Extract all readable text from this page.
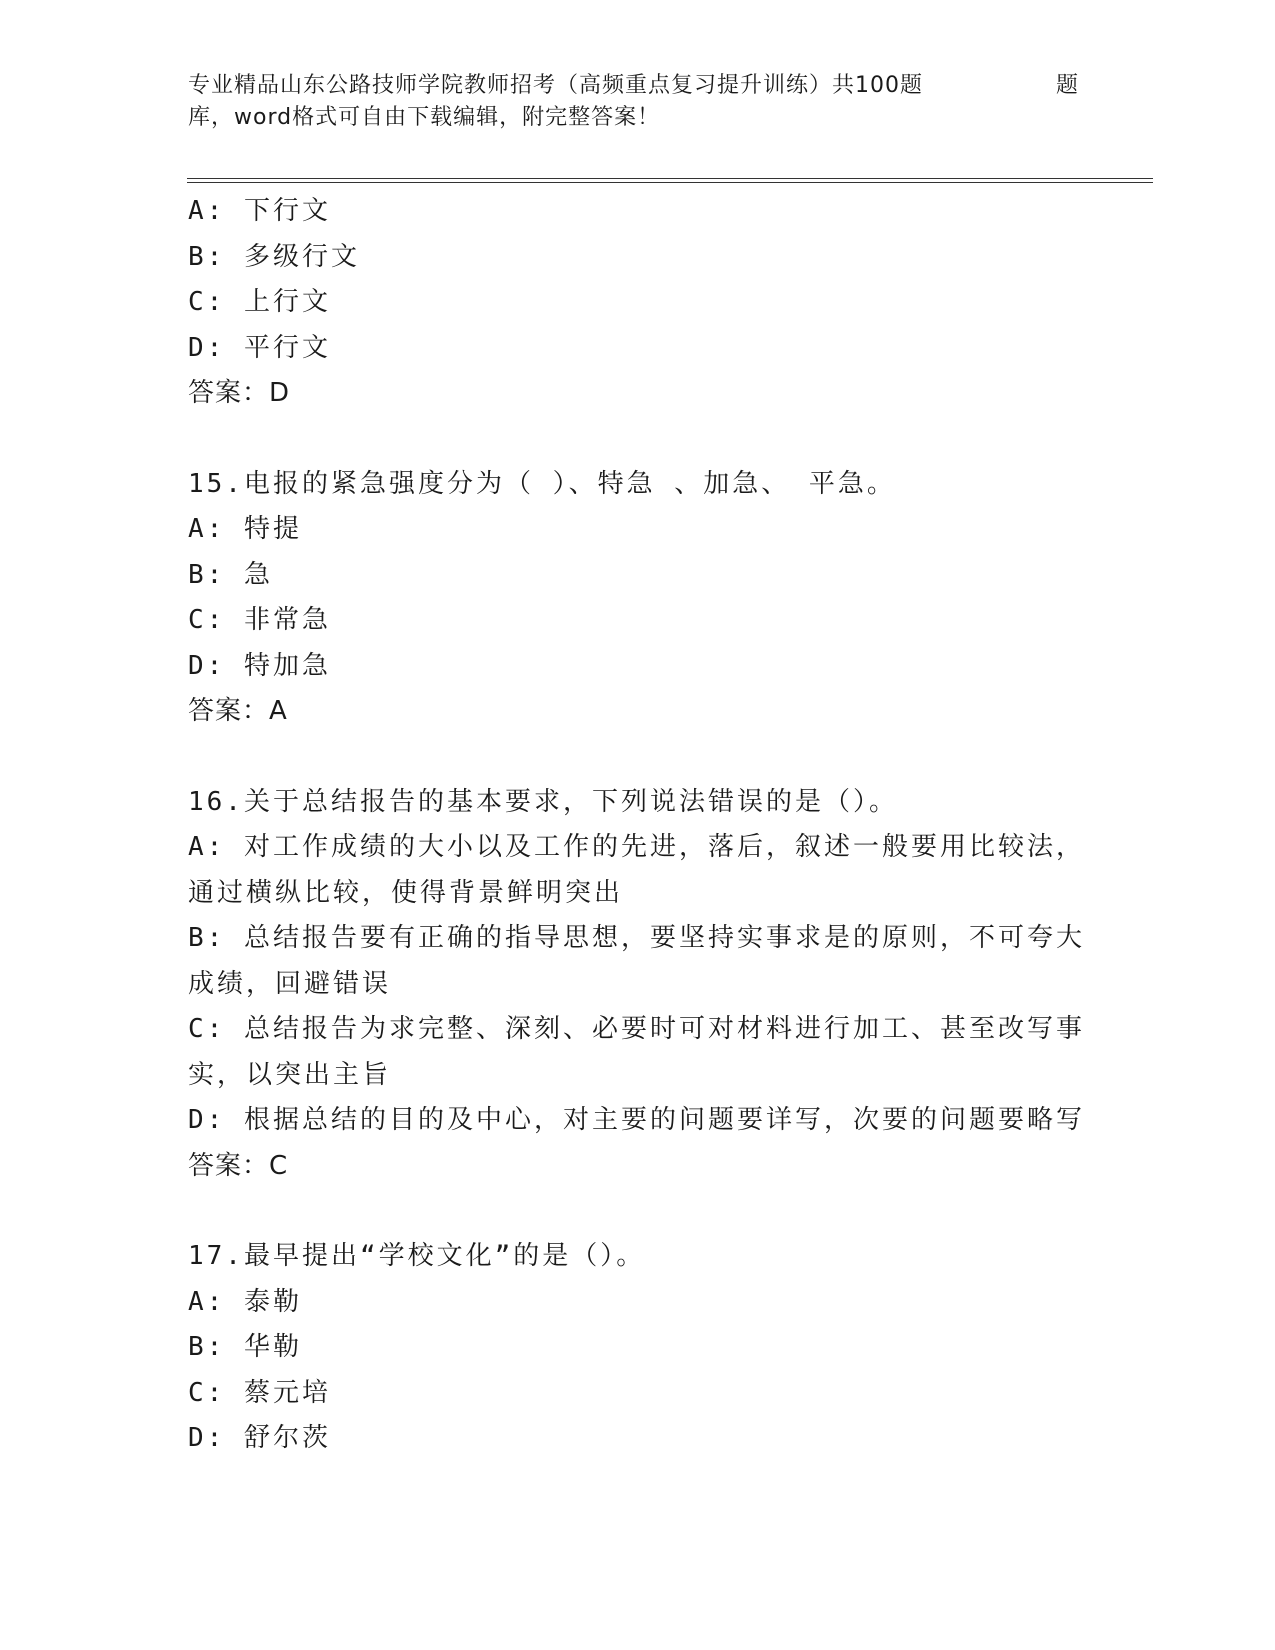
专业精品山东公路技师学院教师招考（高频重点复习提升训练）共100题	题
库，word格式可自由下载编辑，附完整答案！
A: 下行文
B: 多级行文
C: 上行文
D: 平行文
答案：D
15.电报的紧急强度分为（ ）、特急 、加急、 平急。
A: 特提
B: 急
C: 非常急
D: 特加急
答案：A
16.关于总结报告的基本要求，下列说法错误的是（）。
A: 对工作成绩的大小以及工作的先进，落后，叙述一般要用比较法，
通过横纵比较，使得背景鲜明突出
B: 总结报告要有正确的指导思想，要坚持实事求是的原则，不可夸大
成绩，回避错误
C: 总结报告为求完整、深刻、必要时可对材料进行加工、甚至改写事
实，以突出主旨
D: 根据总结的目的及中心，对主要的问题要详写，次要的问题要略写
答案：C
17.最早提出“学校文化”的是（）。
A: 泰勒
B: 华勒
C: 蔡元培
D: 舒尔茨
